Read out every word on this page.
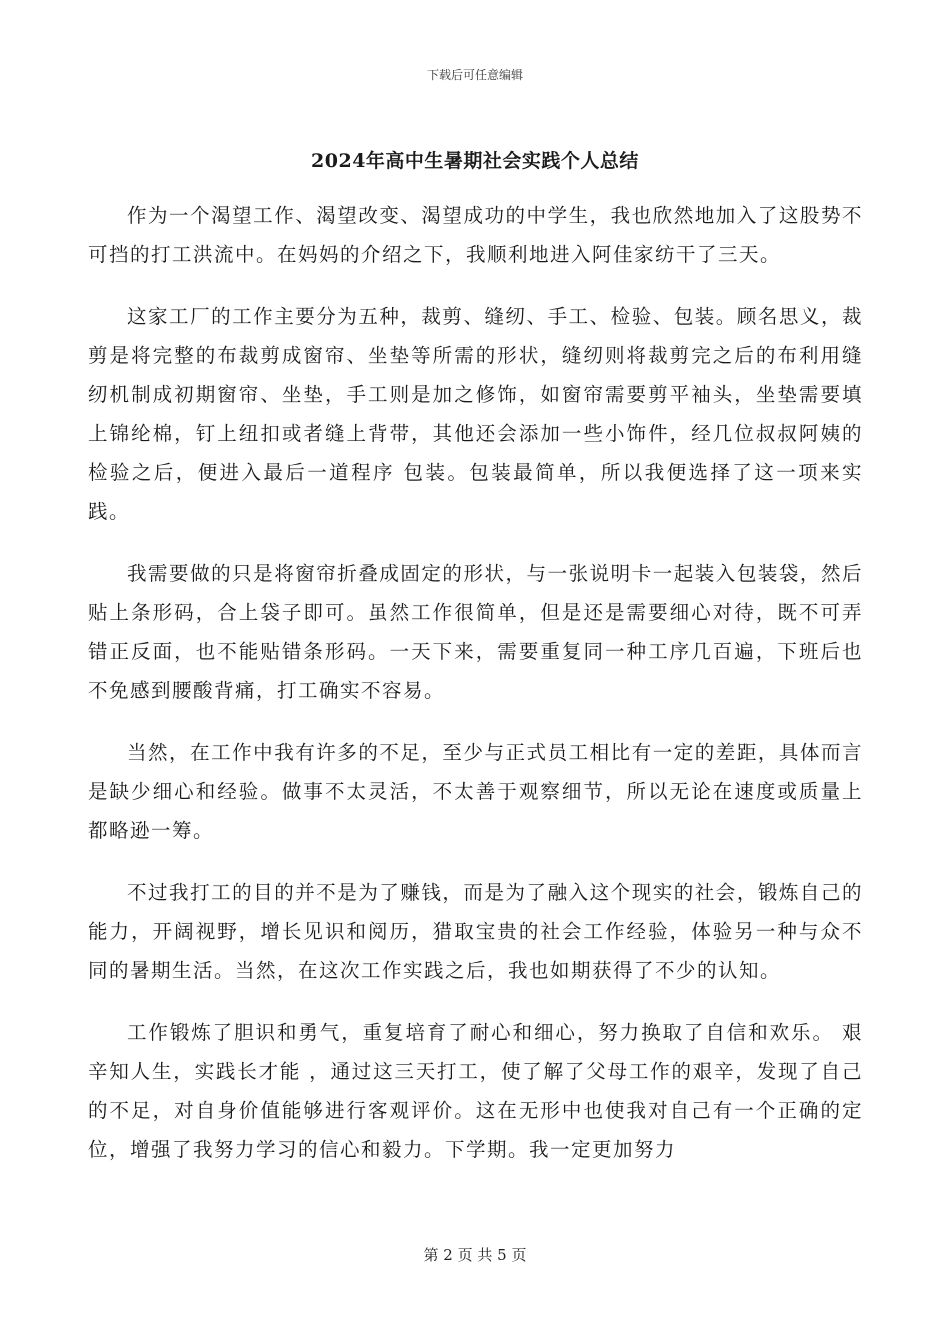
下载后可任意编辑
2024年高中生暑期社会实践个人总结

作为一个渴望工作、渴望改变、渴望成功的中学生，我也欣然地加入了这股势不可挡的打工洪流中。在妈妈的介绍之下，我顺利地进入阿佳家纺干了三天。

这家工厂的工作主要分为五种，裁剪、缝纫、手工、检验、包装。顾名思义，裁剪是将完整的布裁剪成窗帘、坐垫等所需的形状，缝纫则将裁剪完之后的布利用缝纫机制成初期窗帘、坐垫，手工则是加之修饰，如窗帘需要剪平袖头，坐垫需要填上锦纶棉，钉上纽扣或者缝上背带，其他还会添加一些小饰件，经几位叔叔阿姨的检验之后，便进入最后一道程序 包装。包装最简单，所以我便选择了这一项来实践。

我需要做的只是将窗帘折叠成固定的形状，与一张说明卡一起装入包装袋，然后贴上条形码，合上袋子即可。虽然工作很简单，但是还是需要细心对待，既不可弄错正反面，也不能贴错条形码。一天下来，需要重复同一种工序几百遍，下班后也不免感到腰酸背痛，打工确实不容易。

当然，在工作中我有许多的不足，至少与正式员工相比有一定的差距，具体而言是缺少细心和经验。做事不太灵活，不太善于观察细节，所以无论在速度或质量上都略逊一筹。

不过我打工的目的并不是为了赚钱，而是为了融入这个现实的社会，锻炼自己的能力，开阔视野，增长见识和阅历，猎取宝贵的社会工作经验，体验另一种与众不同的暑期生活。当然，在这次工作实践之后，我也如期获得了不少的认知。

工作锻炼了胆识和勇气，重复培育了耐心和细心，努力换取了自信和欢乐。 艰辛知人生，实践长才能 ，通过这三天打工，使了解了父母工作的艰辛，发现了自己的不足，对自身价值能够进行客观评价。这在无形中也使我对自己有一个正确的定位，增强了我努力学习的信心和毅力。下学期。我一定更加努力

第 2 页 共 5 页
